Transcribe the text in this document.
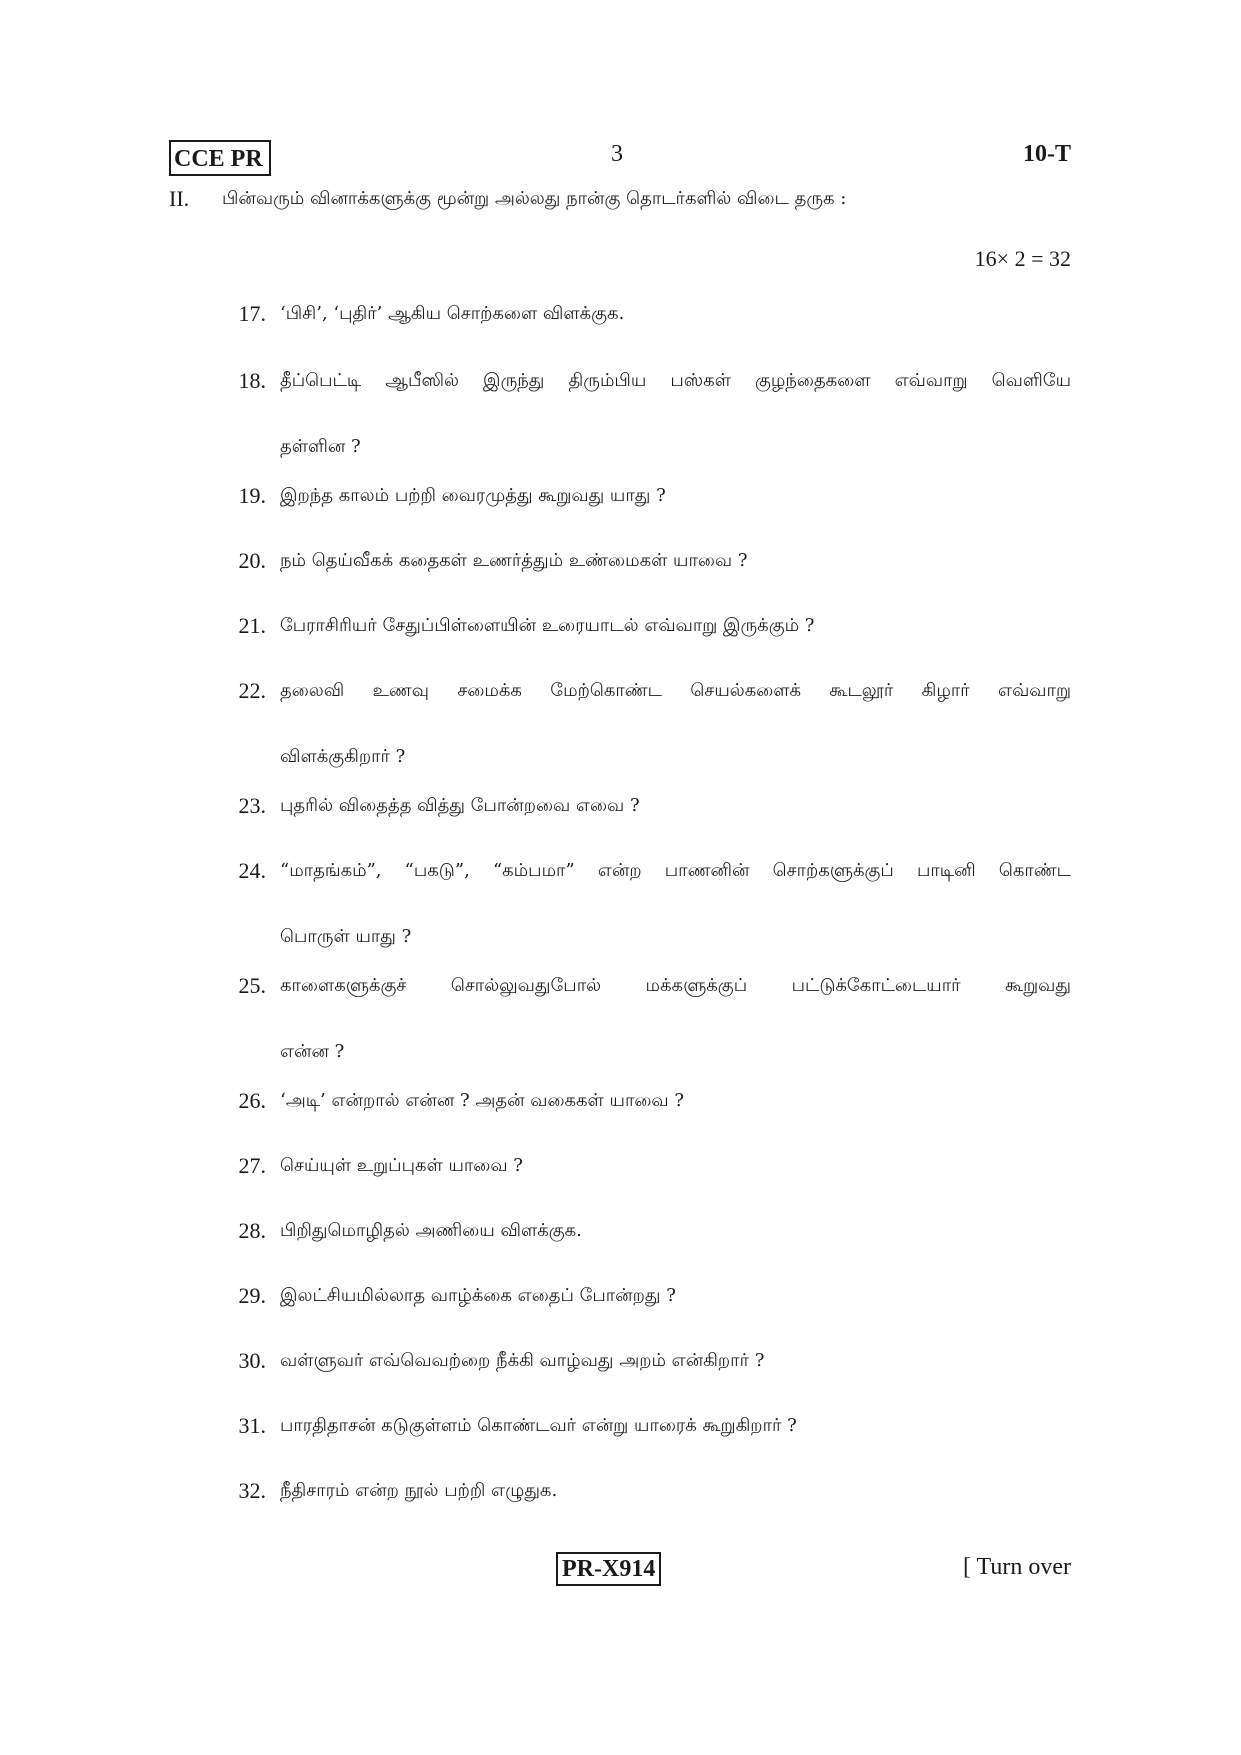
CCE PR	3	10-T
II. பின்வரும் வினாக்களுக்கு மூன்று அல்லது நான்கு தொடர்களில் விடை தருக :
16× 2 = 32
17. ‘பிசி’, ‘புதிர்’ ஆகிய சொற்களை விளக்குக.
18. தீப்பெட்டி ஆபீஸில் இருந்து திரும்பிய பஸ்கள் குழந்தைகளை எவ்வாறு வெளியே
தள்ளின ?
19. இறந்த காலம் பற்றி வைரமுத்து கூறுவது யாது ?
20. நம் தெய்வீகக் கதைகள் உணர்த்தும் உண்மைகள் யாவை ?
21. பேராசிரியர் சேதுப்பிள்ளையின் உரையாடல் எவ்வாறு இருக்கும் ?
22. தலைவி உணவு சமைக்க மேற்கொண்ட செயல்களைக் கூடலூர் கிழார் எவ்வாறு
விளக்குகிறார் ?
23. புதரில் விதைத்த வித்து போன்றவை எவை ?
24. “மாதங்கம்”, “பகடு”, “கம்பமா” என்ற பாணனின் சொற்களுக்குப் பாடினி கொண்ட
பொருள் யாது ?
25. காளைகளுக்குச் சொல்லுவதுபோல் மக்களுக்குப் பட்டுக்கோட்டையார் கூறுவது
என்ன ?
26. ‘அடி’ என்றால் என்ன ? அதன் வகைகள் யாவை ?
27. செய்யுள் உறுப்புகள் யாவை ?
28. பிறிதுமொழிதல் அணியை விளக்குக.
29. இலட்சியமில்லாத வாழ்க்கை எதைப் போன்றது ?
30. வள்ளுவர் எவ்வெவற்றை நீக்கி வாழ்வது அறம் என்கிறார் ?
31. பாரதிதாசன் கடுகுள்ளம் கொண்டவர் என்று யாரைக் கூறுகிறார் ?
32. நீதிசாரம் என்ற நூல் பற்றி எழுதுக.
PR-X914	[ Turn over
